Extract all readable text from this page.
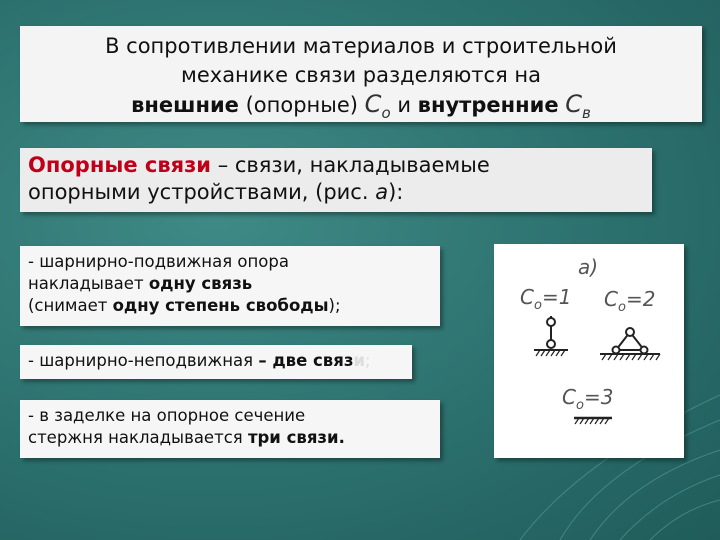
В сопротивлении материалов и строительной
механике связи разделяются на
внешние (опорные) $C_o$ и внутренние $C_в$
Опорные связи – связи, накладываемые
опорными устройствами, (рис. а):
- шарнирно-подвижная опора
накладывает одну связь
(снимает одну степень свободы);
- шарнирно-неподвижная – две связи;
- в заделке на опорное сечение
стержня накладывается три связи.
а)
$C_o=1$ $C_o=2$
$C_o=3$
